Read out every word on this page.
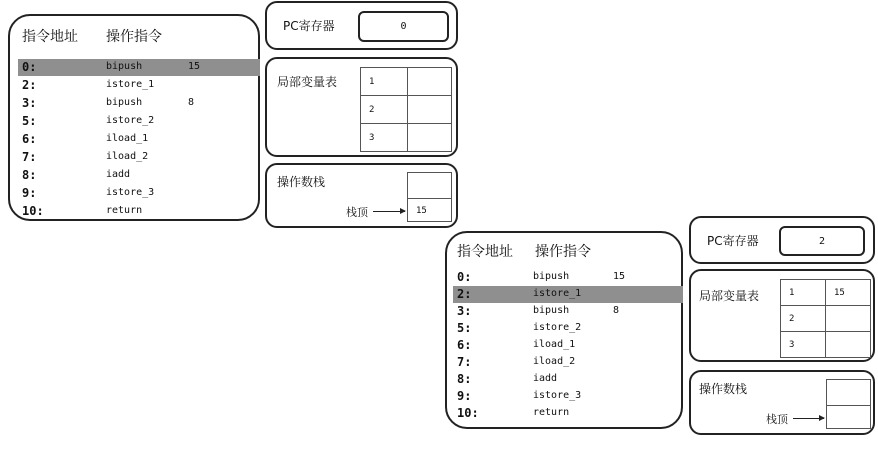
指令地址 操作指令
0:	bipush	15
2:	istore_1
3:	bipush	8
5:	istore_2
6:	iload_1
7:	iload_2
8:	iadd
9:	istore_3
10:	return
PC寄存器	0
局部变量表	1	
2	
3	
操作数栈
15
栈顶
指令地址 操作指令
0:	bipush	15
2:	istore_1
3:	bipush	8
5:	istore_2
6:	iload_1
7:	iload_2
8:	iadd
9:	istore_3
10:	return
PC寄存器	2
局部变量表	1	15
2	
3	
操作数栈
栈顶
